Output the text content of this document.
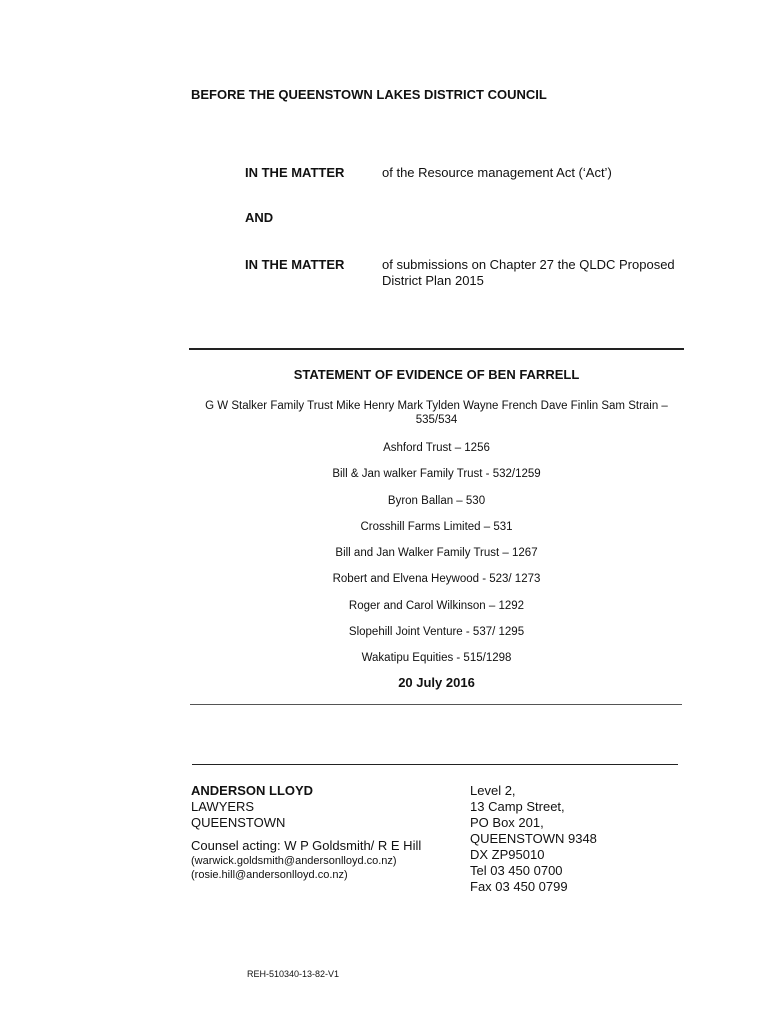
BEFORE THE QUEENSTOWN LAKES DISTRICT COUNCIL
IN THE MATTER	of the Resource management Act (‘Act’)
AND
IN THE MATTER	of submissions on Chapter 27 the QLDC Proposed District Plan 2015
STATEMENT OF EVIDENCE OF BEN FARRELL
G W Stalker Family Trust Mike Henry Mark Tylden Wayne French Dave Finlin Sam Strain – 535/534
Ashford Trust – 1256
Bill & Jan walker Family Trust - 532/1259
Byron Ballan – 530
Crosshill Farms Limited – 531
Bill and Jan Walker Family Trust – 1267
Robert and Elvena Heywood - 523/ 1273
Roger and Carol Wilkinson – 1292
Slopehill Joint Venture - 537/ 1295
Wakatipu Equities - 515/1298
20 July 2016
ANDERSON LLOYD
LAWYERS
QUEENSTOWN
Counsel acting: W P Goldsmith/ R E Hill
(warwick.goldsmith@andersonlloyd.co.nz)
(rosie.hill@andersonlloyd.co.nz)
Level 2,
13 Camp Street,
PO Box 201,
QUEENSTOWN 9348
DX ZP95010
Tel 03 450 0700
Fax 03 450 0799
REH-510340-13-82-V1
